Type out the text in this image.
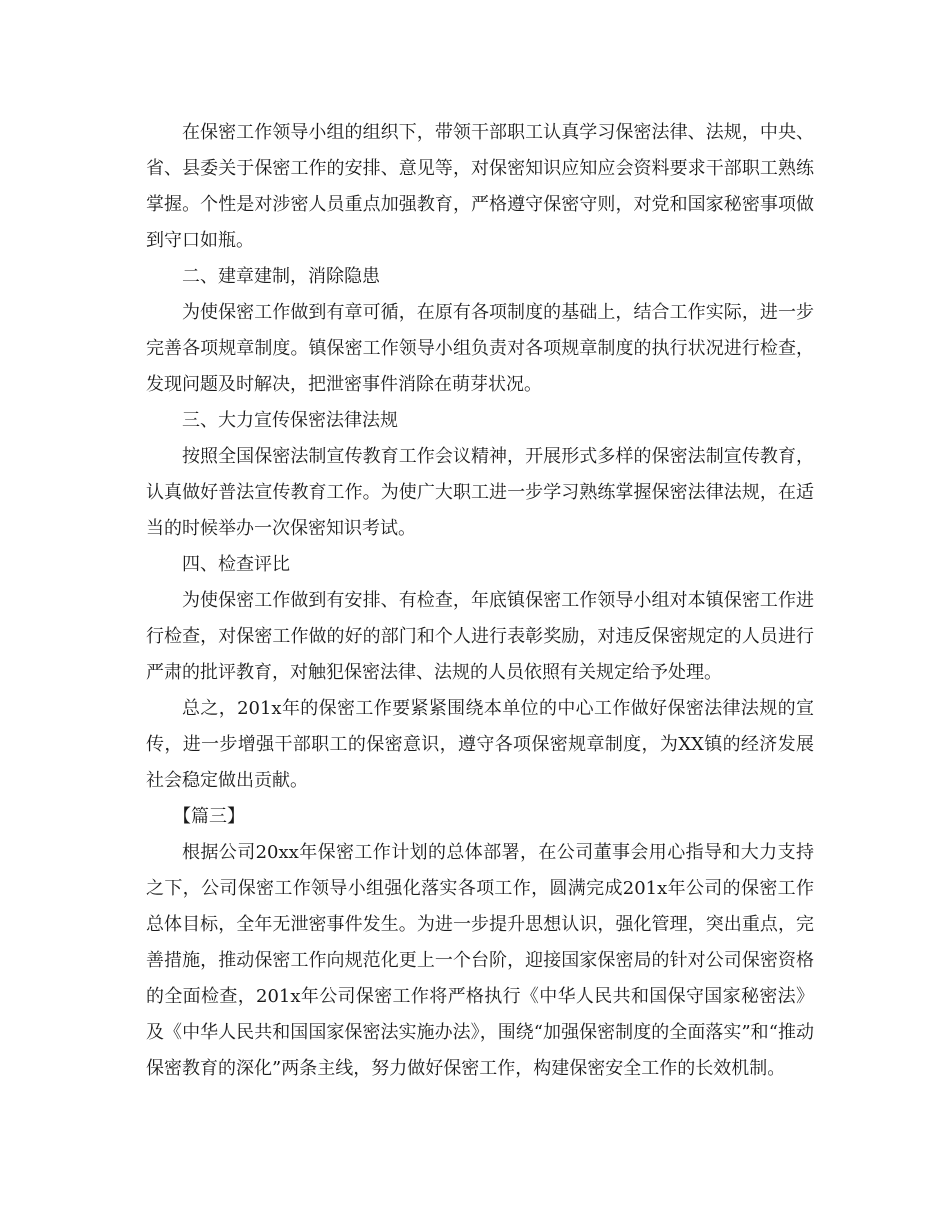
在保密工作领导小组的组织下，带领干部职工认真学习保密法律、法规，中央、省、县委关于保密工作的安排、意见等，对保密知识应知应会资料要求干部职工熟练掌握。个性是对涉密人员重点加强教育，严格遵守保密守则，对党和国家秘密事项做到守口如瓶。

二、建章建制，消除隐患

为使保密工作做到有章可循，在原有各项制度的基础上，结合工作实际，进一步完善各项规章制度。镇保密工作领导小组负责对各项规章制度的执行状况进行检查，发现问题及时解决，把泄密事件消除在萌芽状况。

三、大力宣传保密法律法规

按照全国保密法制宣传教育工作会议精神，开展形式多样的保密法制宣传教育，认真做好普法宣传教育工作。为使广大职工进一步学习熟练掌握保密法律法规，在适当的时候举办一次保密知识考试。

四、检查评比

为使保密工作做到有安排、有检查，年底镇保密工作领导小组对本镇保密工作进行检查，对保密工作做的好的部门和个人进行表彰奖励，对违反保密规定的人员进行严肃的批评教育，对触犯保密法律、法规的人员依照有关规定给予处理。

总之，201x年的保密工作要紧紧围绕本单位的中心工作做好保密法律法规的宣传，进一步增强干部职工的保密意识，遵守各项保密规章制度，为XX镇的经济发展社会稳定做出贡献。

【篇三】

根据公司20xx年保密工作计划的总体部署，在公司董事会用心指导和大力支持之下，公司保密工作领导小组强化落实各项工作，圆满完成201x年公司的保密工作总体目标，全年无泄密事件发生。为进一步提升思想认识，强化管理，突出重点，完善措施，推动保密工作向规范化更上一个台阶，迎接国家保密局的针对公司保密资格的全面检查，201x年公司保密工作将严格执行《中华人民共和国保守国家秘密法》及《中华人民共和国国家保密法实施办法》，围绕“加强保密制度的全面落实”和“推动保密教育的深化”两条主线，努力做好保密工作，构建保密安全工作的长效机制。
